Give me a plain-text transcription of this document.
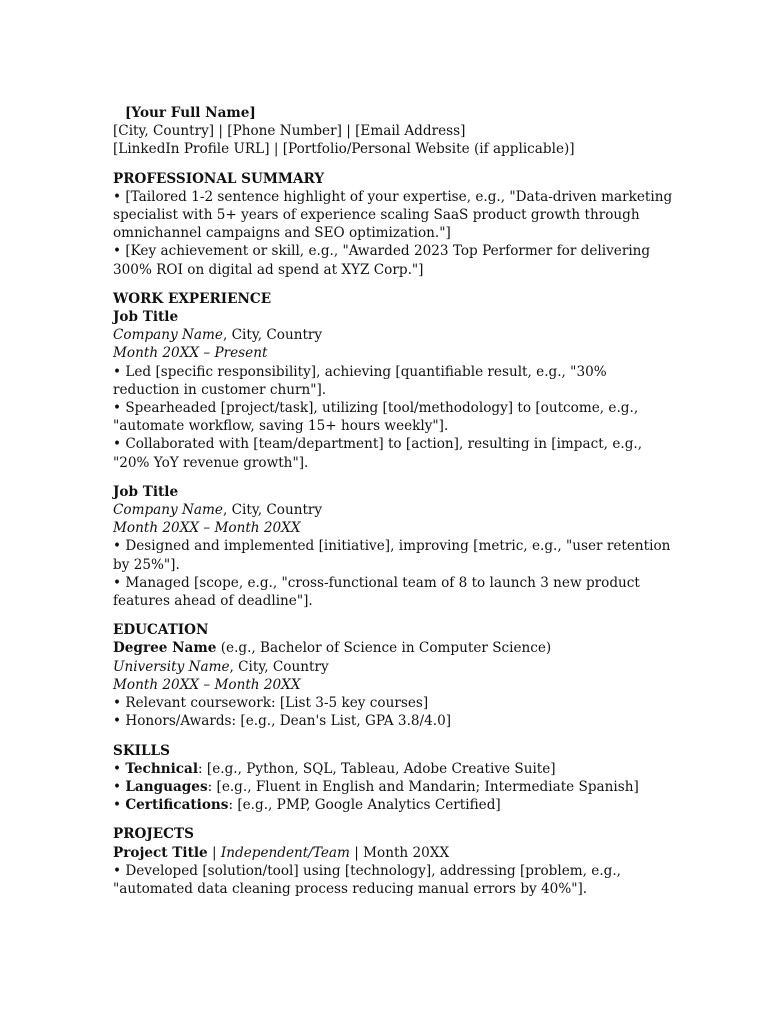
[Your Full Name]
[City, Country] | [Phone Number] | [Email Address]
[LinkedIn Profile URL] | [Portfolio/Personal Website (if applicable)]
PROFESSIONAL SUMMARY
• [Tailored 1-2 sentence highlight of your expertise, e.g., "Data-driven marketing specialist with 5+ years of experience scaling SaaS product growth through omnichannel campaigns and SEO optimization."]
• [Key achievement or skill, e.g., "Awarded 2023 Top Performer for delivering 300% ROI on digital ad spend at XYZ Corp."]
WORK EXPERIENCE
Job Title
Company Name, City, Country
Month 20XX – Present
• Led [specific responsibility], achieving [quantifiable result, e.g., "30% reduction in customer churn"].
• Spearheaded [project/task], utilizing [tool/methodology] to [outcome, e.g., "automate workflow, saving 15+ hours weekly"].
• Collaborated with [team/department] to [action], resulting in [impact, e.g., "20% YoY revenue growth"].
Job Title
Company Name, City, Country
Month 20XX – Month 20XX
• Designed and implemented [initiative], improving [metric, e.g., "user retention by 25%"].
• Managed [scope, e.g., "cross-functional team of 8 to launch 3 new product features ahead of deadline"].
EDUCATION
Degree Name (e.g., Bachelor of Science in Computer Science)
University Name, City, Country
Month 20XX – Month 20XX
• Relevant coursework: [List 3-5 key courses]
• Honors/Awards: [e.g., Dean's List, GPA 3.8/4.0]
SKILLS
• Technical: [e.g., Python, SQL, Tableau, Adobe Creative Suite]
• Languages: [e.g., Fluent in English and Mandarin; Intermediate Spanish]
• Certifications: [e.g., PMP, Google Analytics Certified]
PROJECTS
Project Title | Independent/Team | Month 20XX
• Developed [solution/tool] using [technology], addressing [problem, e.g., "automated data cleaning process reducing manual errors by 40%"].
